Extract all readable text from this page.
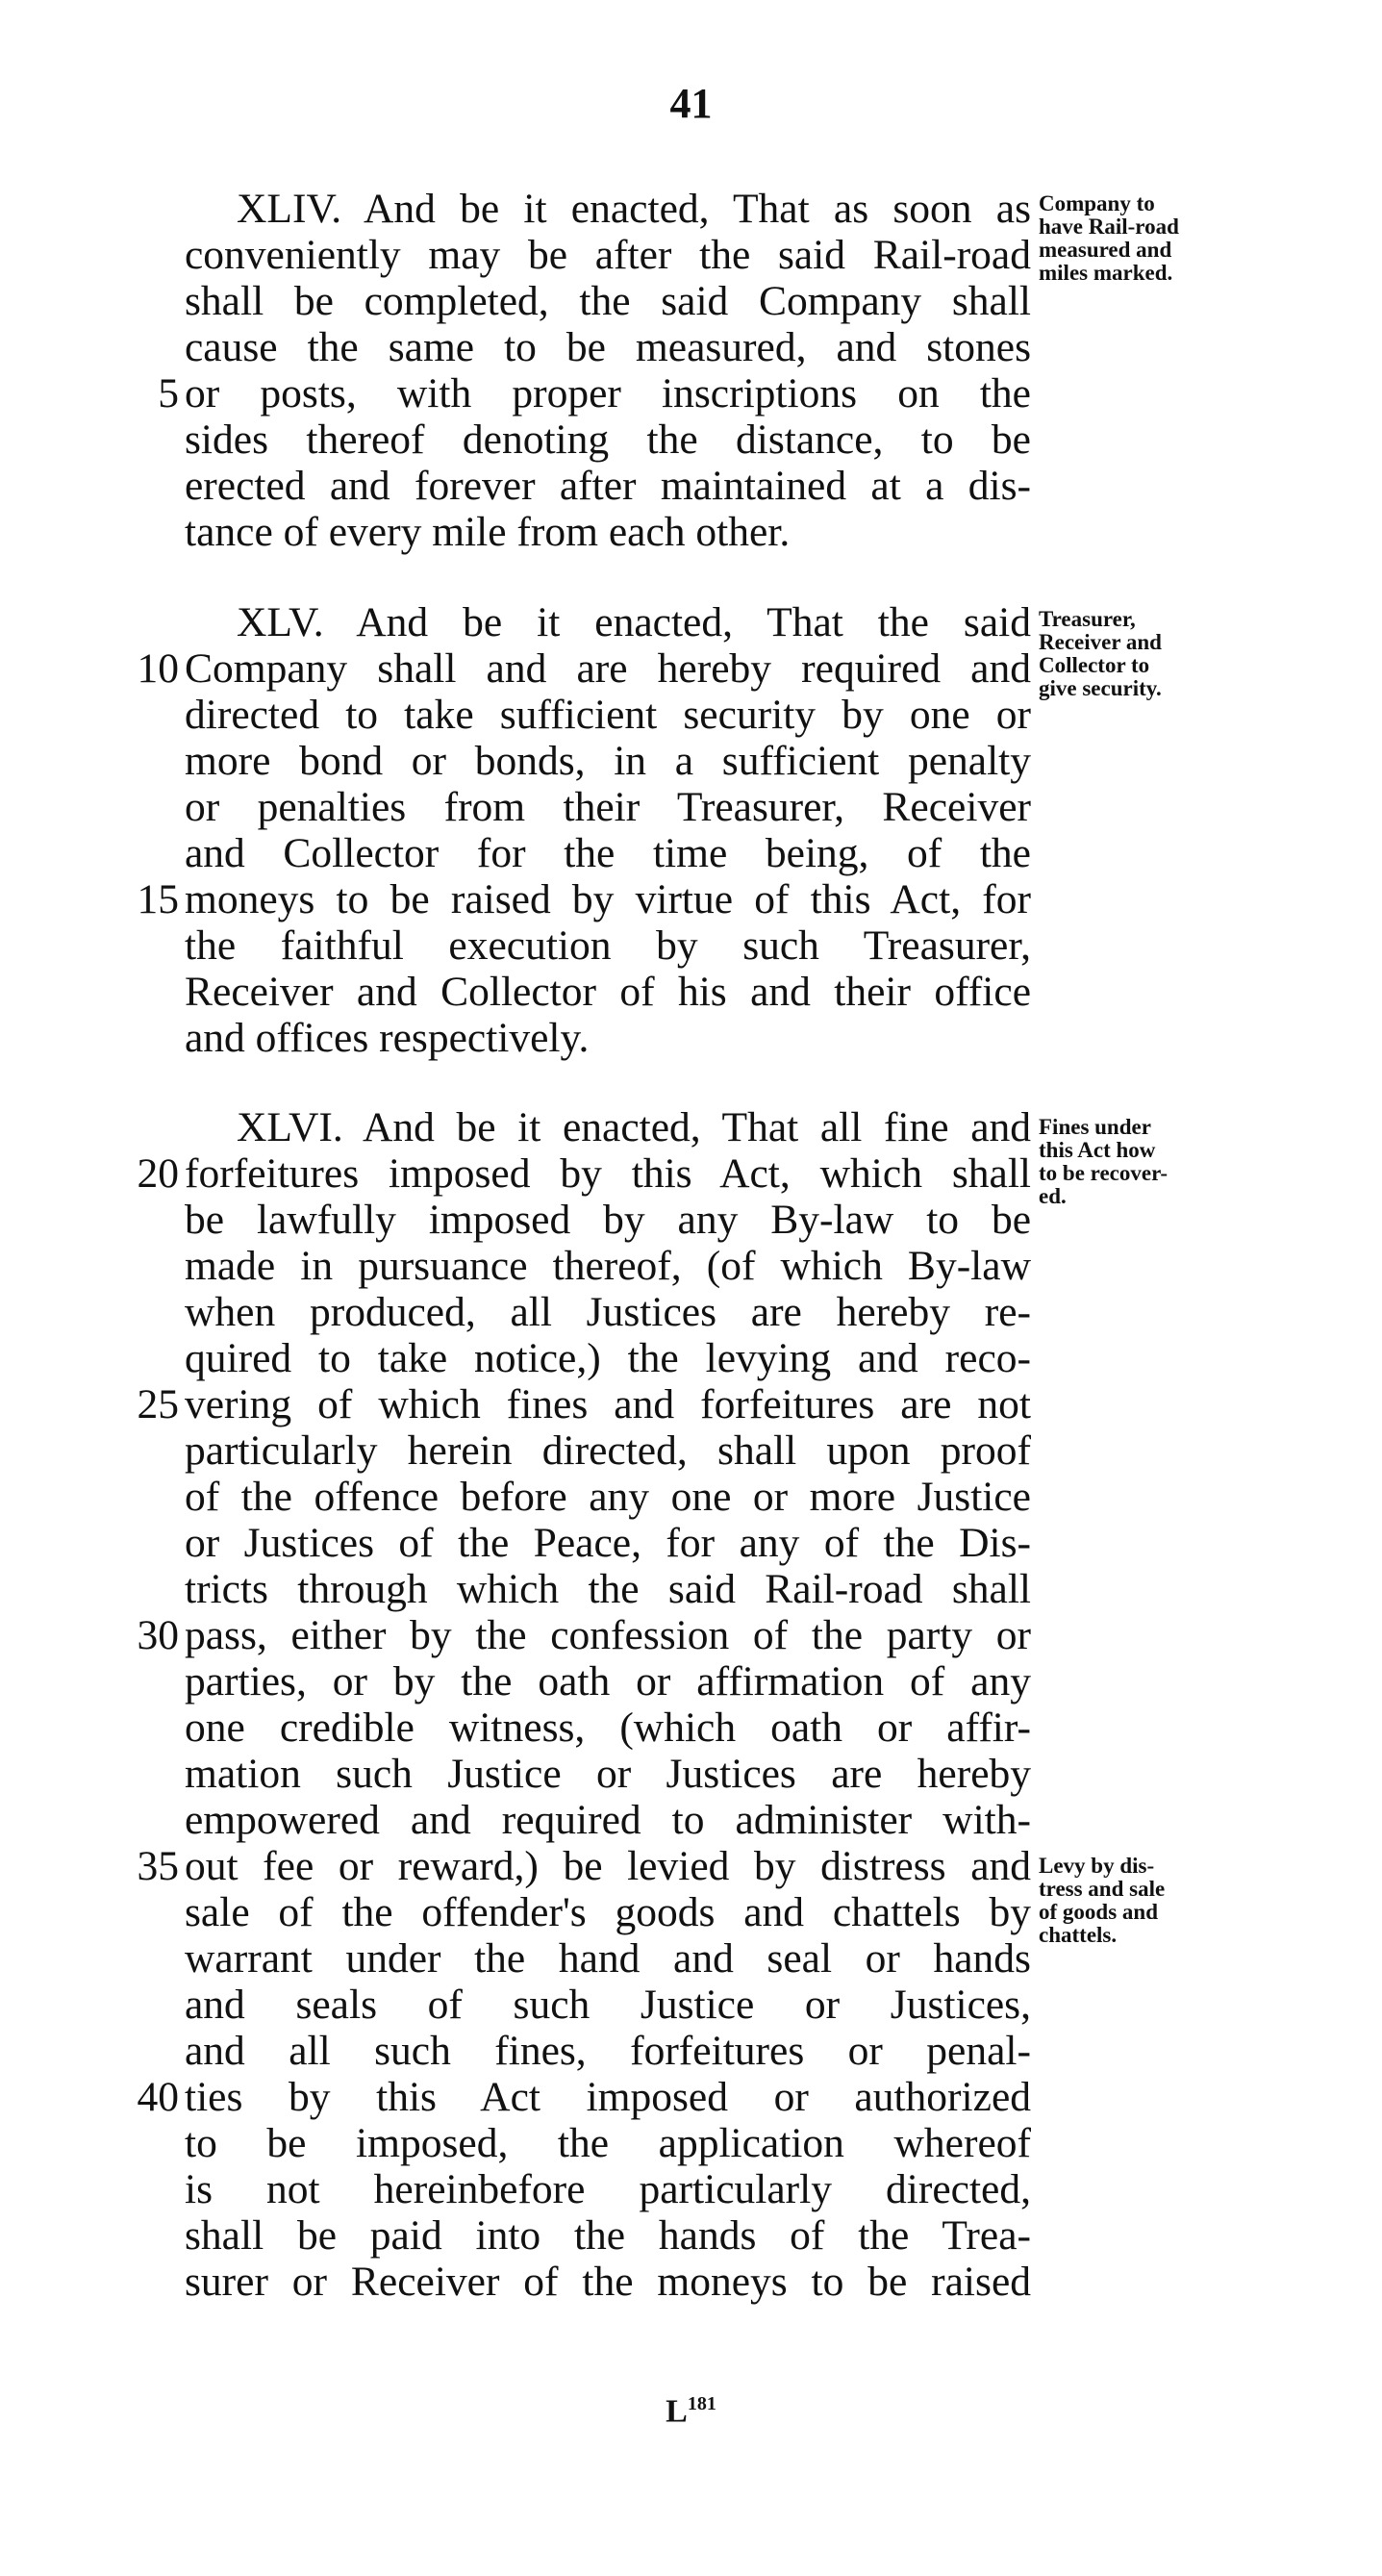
41
XLIV. And be it enacted, That as soon as
conveniently may be after the said Rail-road
shall be completed, the said Company shall
cause the same to be measured, and stones
or posts, with proper inscriptions on the
sides thereof denoting the distance, to be
erected and forever after maintained at a dis-
tance of every mile from each other.
Company to
have Rail-road
measured and
miles marked.
XLV. And be it enacted, That the said
Company shall and are hereby required and
directed to take sufficient security by one or
more bond or bonds, in a sufficient penalty
or penalties from their Treasurer, Receiver
and Collector for the time being, of the
moneys to be raised by virtue of this Act, for
the faithful execution by such Treasurer,
Receiver and Collector of his and their office
and offices respectively.
Treasurer,
Receiver and
Collector to
give security.
XLVI. And be it enacted, That all fine and
forfeitures imposed by this Act, which shall
be lawfully imposed by any By-law to be
made in pursuance thereof, (of which By-law
when produced, all Justices are hereby re-
quired to take notice,) the levying and reco-
vering of which fines and forfeitures are not
particularly herein directed, shall upon proof
of the offence before any one or more Justice
or Justices of the Peace, for any of the Dis-
tricts through which the said Rail-road shall
pass, either by the confession of the party or
parties, or by the oath or affirmation of any
one credible witness, (which oath or affir-
mation such Justice or Justices are hereby
empowered and required to administer with-
out fee or reward,) be levied by distress and
sale of the offender's goods and chattels by
warrant under the hand and seal or hands
and seals of such Justice or Justices,
and all such fines, forfeitures or penal-
ties by this Act imposed or authorized
to be imposed, the application whereof
is not hereinbefore particularly directed,
shall be paid into the hands of the Trea-
surer or Receiver of the moneys to be raised
Fines under
this Act how
to be recover-
ed.
Levy by dis-
tress and sale
of goods and
chattels.
5
10
15
20
25
30
35
40
$L^{181}$
